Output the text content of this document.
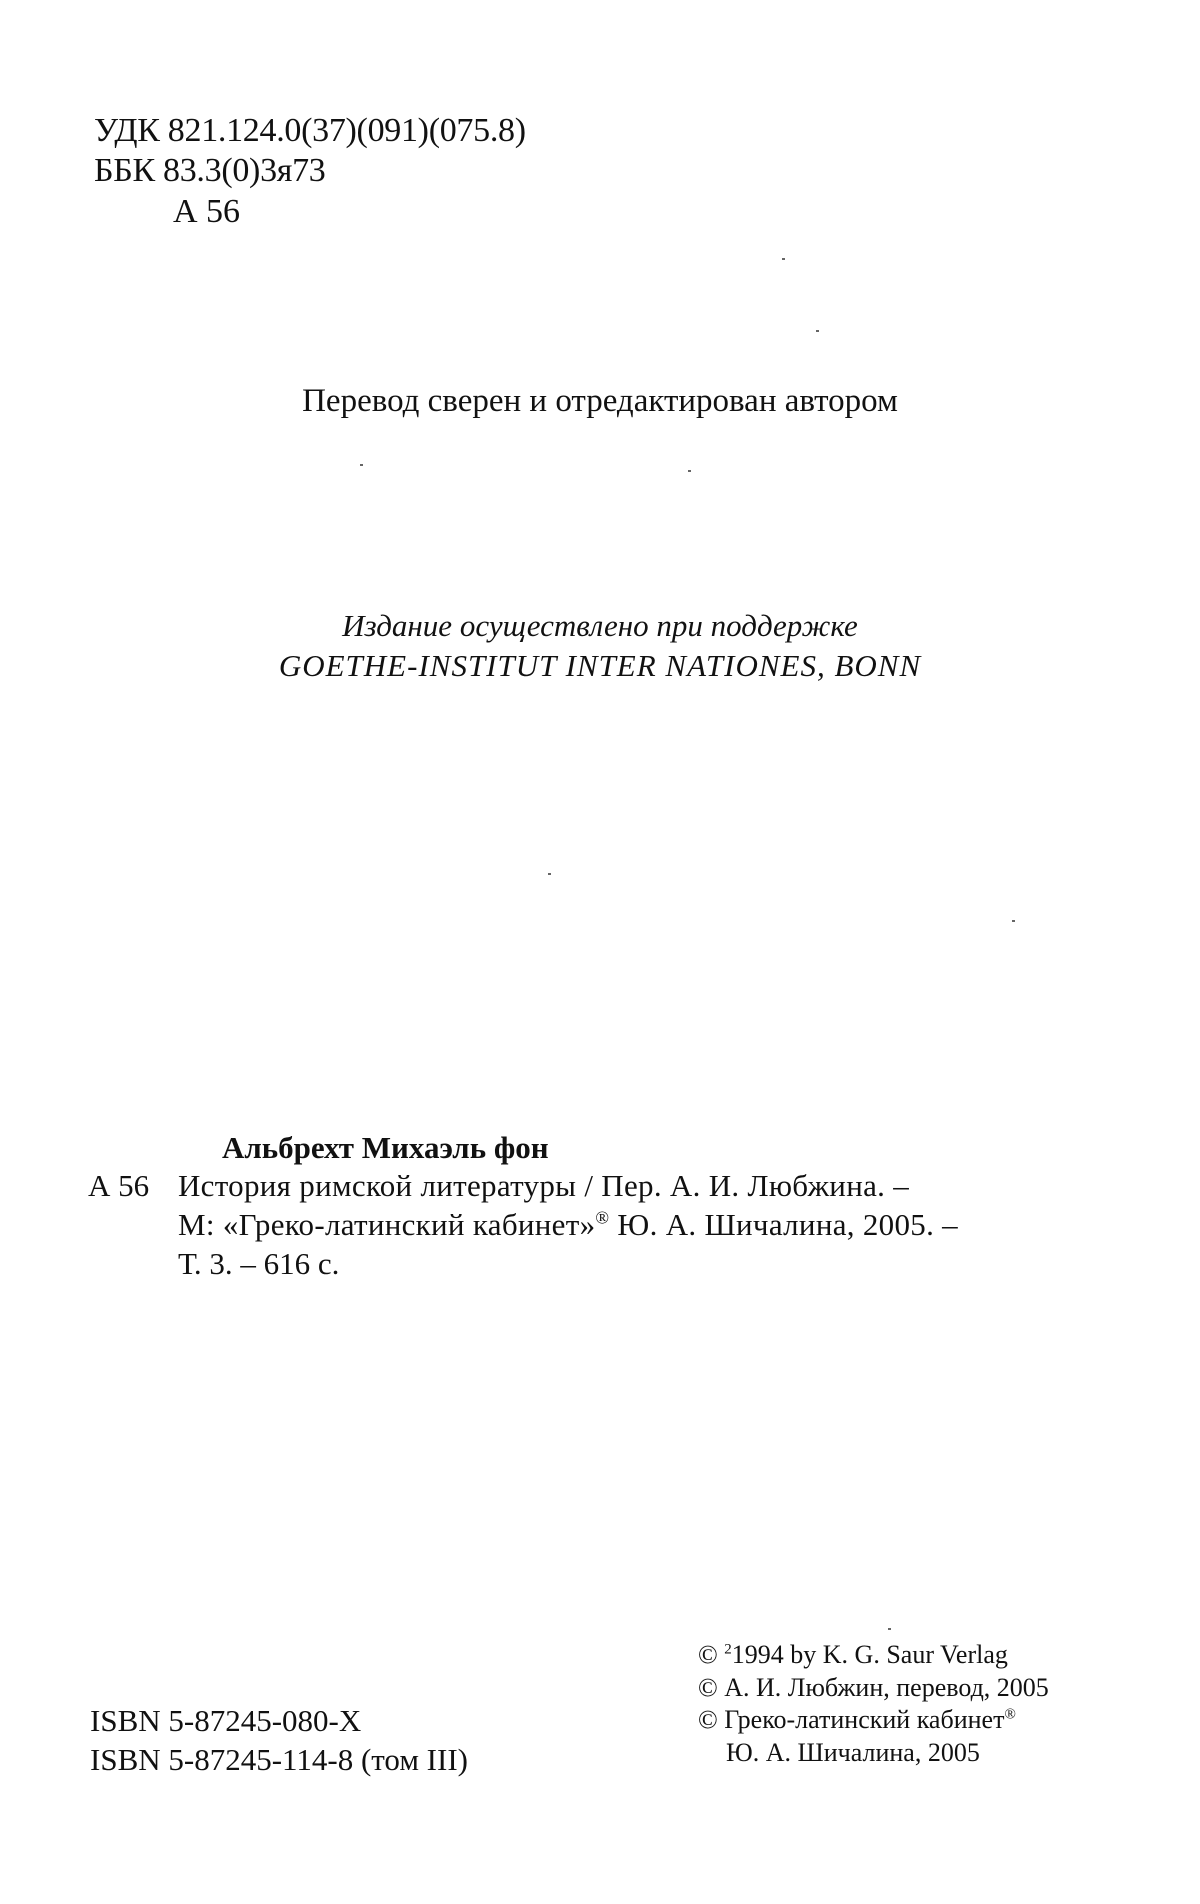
УДК 821.124.0(37)(091)(075.8)
ББК 83.3(0)3я73
А 56
Перевод сверен и отредактирован автором
Издание осуществлено при поддержке
GOETHE-INSTITUT INTER NATIONES, BONN
Альбрехт Михаэль фон
А 56 История римской литературы / Пер. А. И. Любжина. –
М: «Греко-латинский кабинет»® Ю. А. Шичалина, 2005. –
Т. 3. – 616 с.
ISBN 5-87245-080-X
ISBN 5-87245-114-8 (том III)
© $^2$1994 by K. G. Saur Verlag
© А. И. Любжин, перевод, 2005
© Греко-латинский кабинет®
Ю. А. Шичалина, 2005
